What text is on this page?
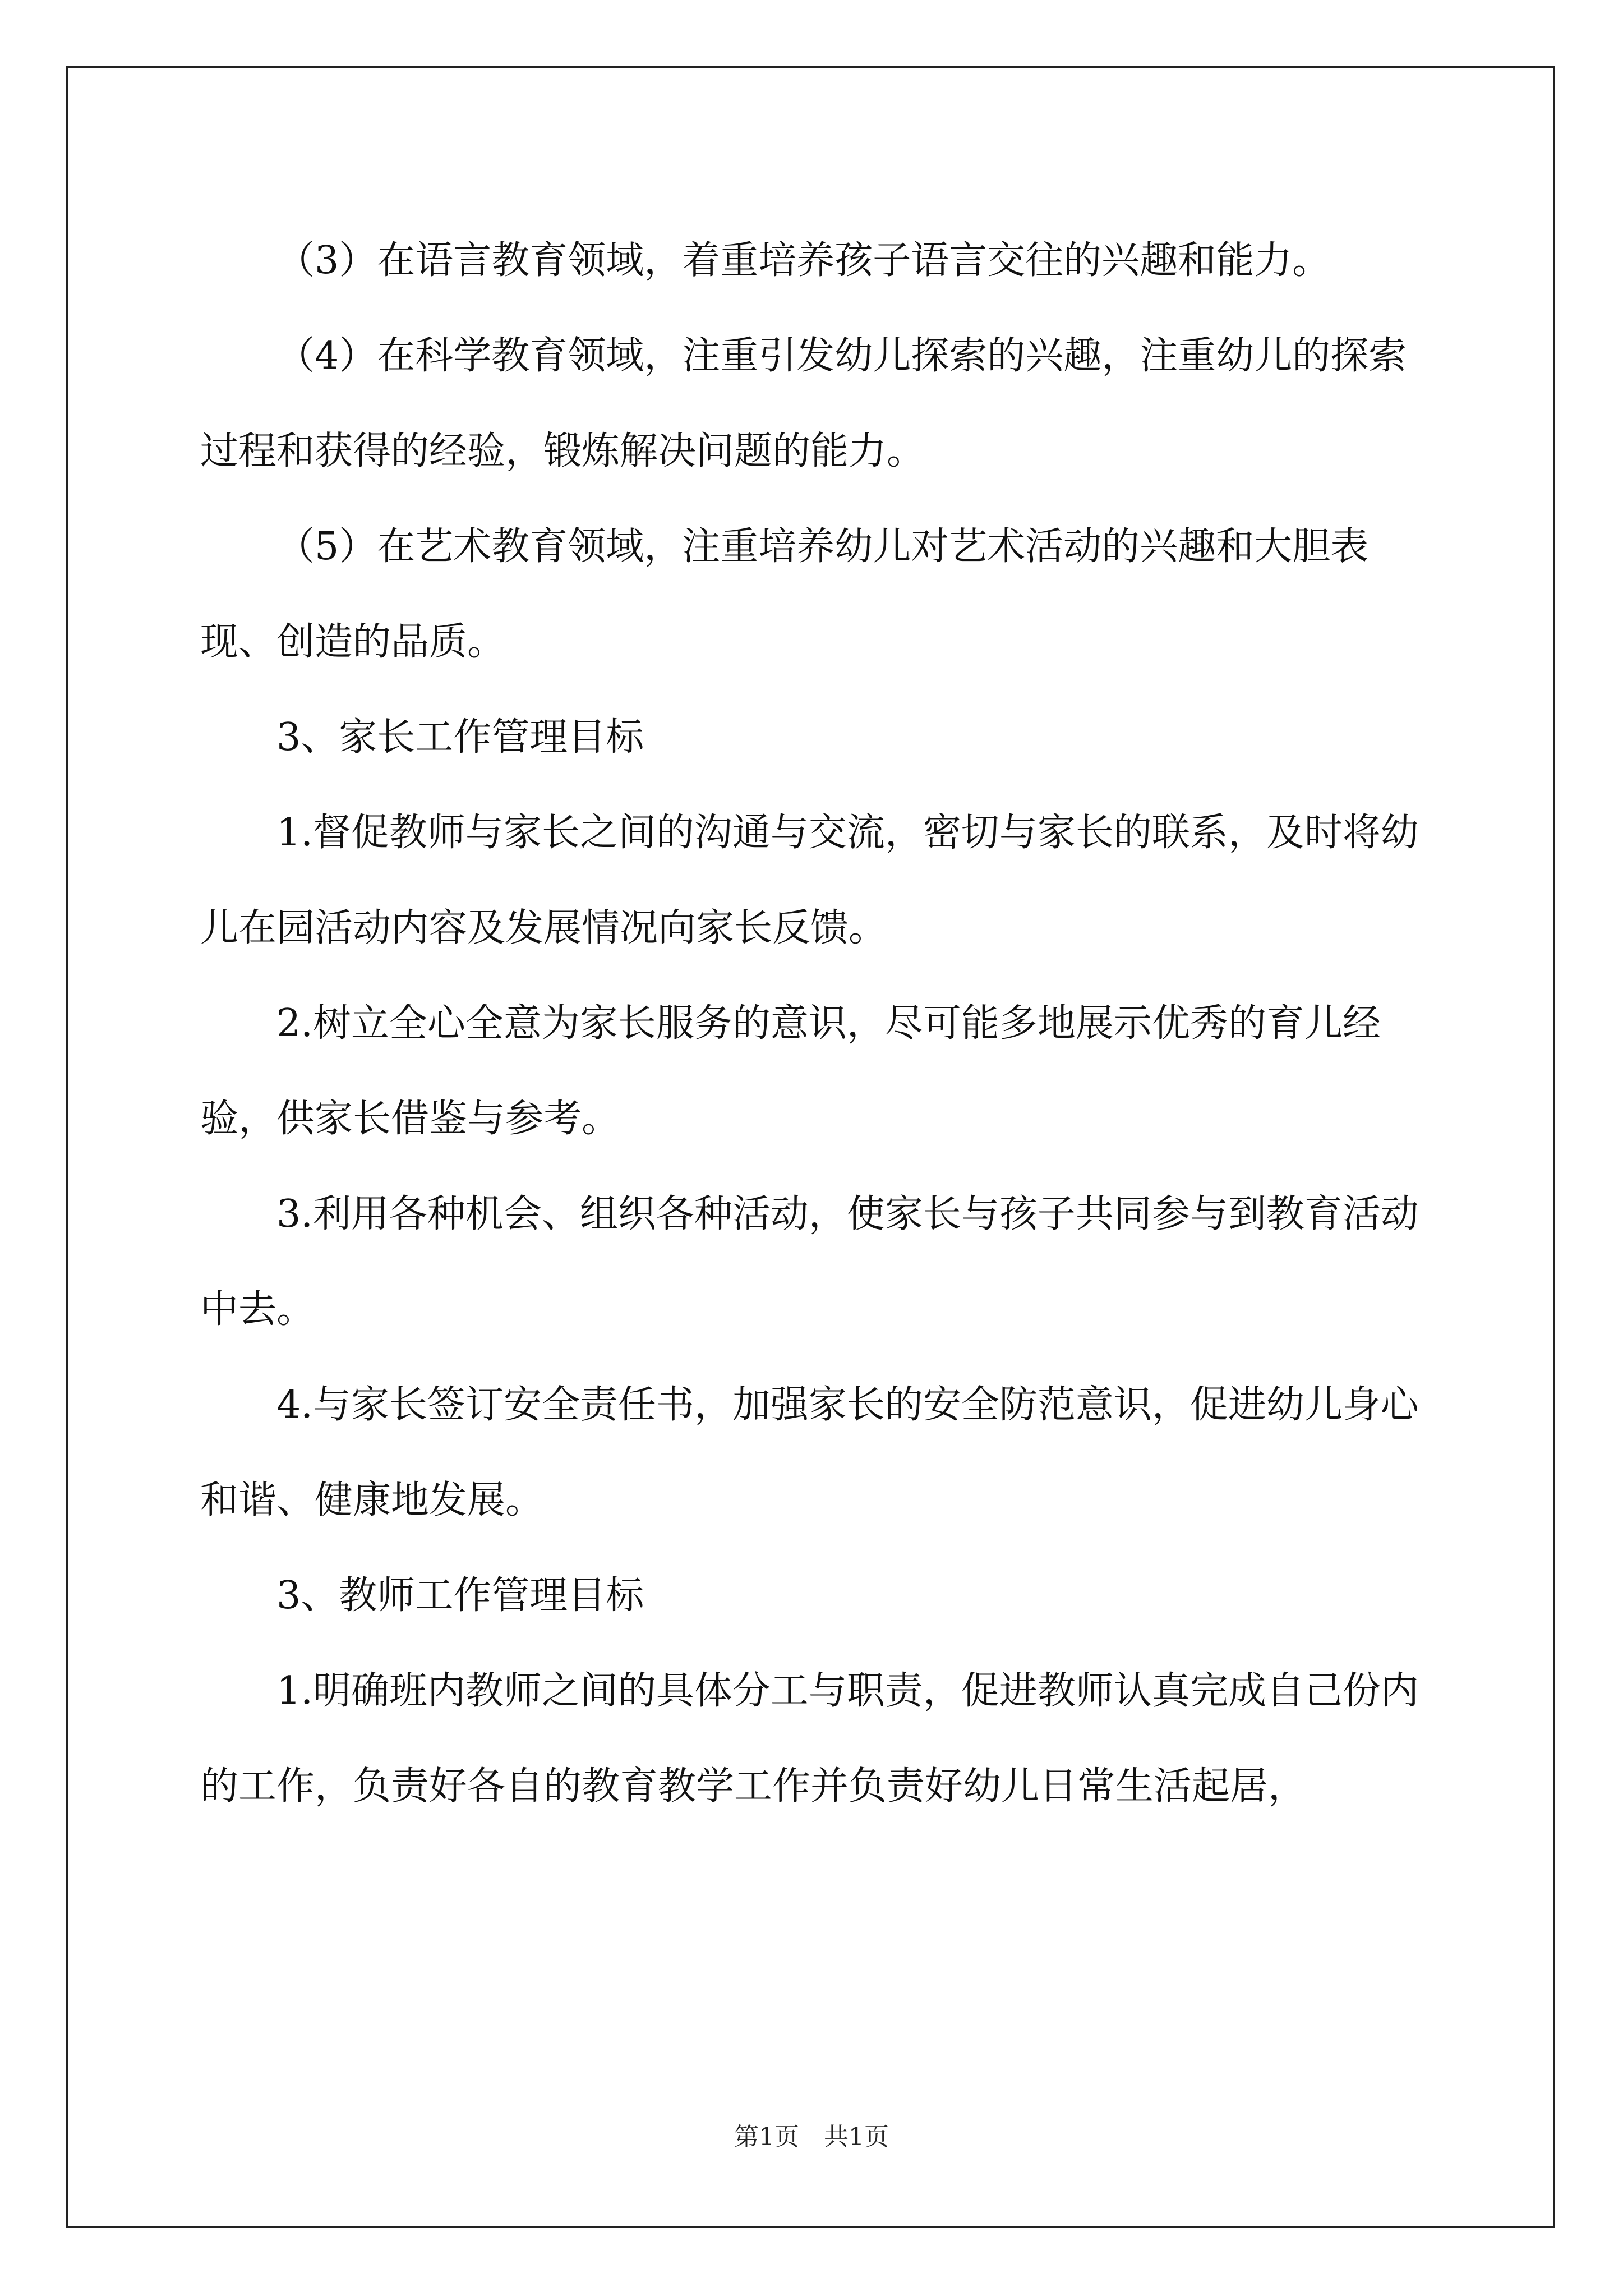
（3）在语言教育领域，着重培养孩子语言交往的兴趣和能力。

（4）在科学教育领域，注重引发幼儿探索的兴趣，注重幼儿的探索过程和获得的经验，锻炼解决问题的能力。

（5）在艺术教育领域，注重培养幼儿对艺术活动的兴趣和大胆表现、创造的品质。

3、家长工作管理目标

1.督促教师与家长之间的沟通与交流，密切与家长的联系，及时将幼儿在园活动内容及发展情况向家长反馈。

2.树立全心全意为家长服务的意识，尽可能多地展示优秀的育儿经验，供家长借鉴与参考。

3.利用各种机会、组织各种活动，使家长与孩子共同参与到教育活动中去。

4.与家长签订安全责任书，加强家长的安全防范意识，促进幼儿身心和谐、健康地发展。

3、教师工作管理目标

1.明确班内教师之间的具体分工与职责，促进教师认真完成自己份内的工作，负责好各自的教育教学工作并负责好幼儿日常生活起居，

第1页　共1页
